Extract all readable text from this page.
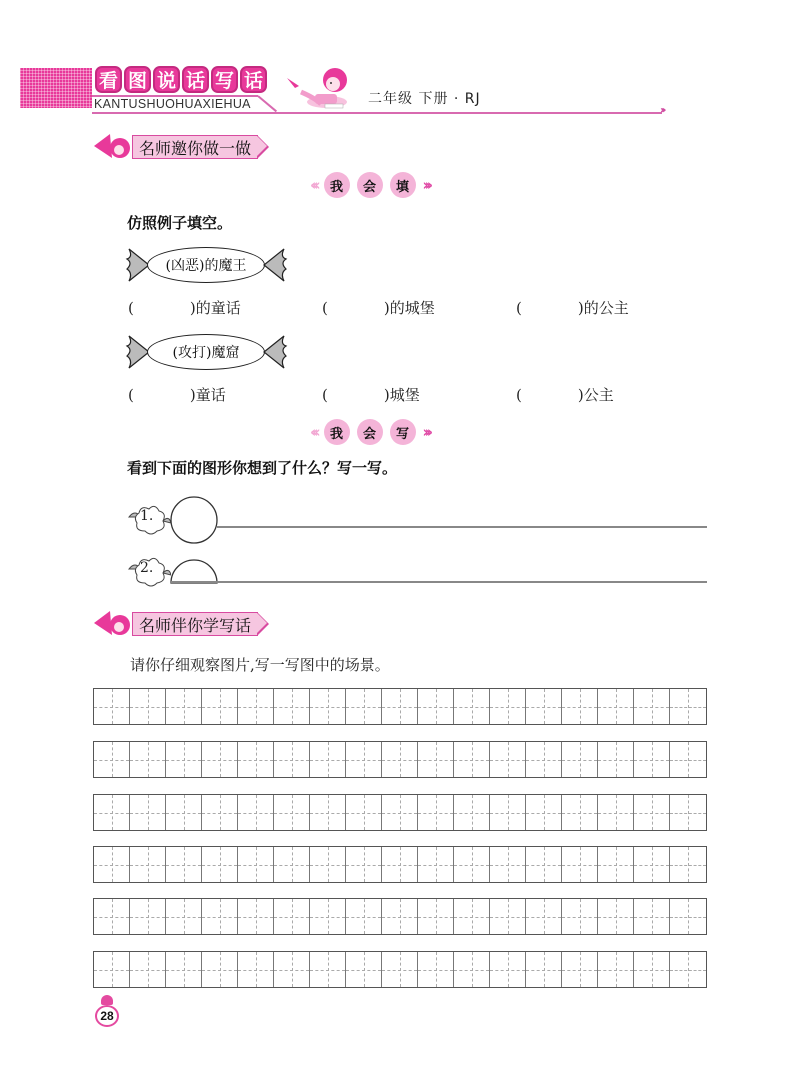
看 图 说 话 写 话
KANTUSHUOHUAXIEHUA	›››
二年级 下册 · RJ
名师邀你做一做
‹‹‹	我	会	填 ›››
仿照例子填空。
(凶恶)的魔王
(	)的童话	(	)的城堡	(	)的公主
(攻打)魔窟
(	)童话	(	)城堡	(	)公主
‹‹‹	我	会	写 ›››
看到下面的图形你想到了什么？写一写。
1.
2.
名师伴你学写话
请你仔细观察图片,写一写图中的场景。
28
